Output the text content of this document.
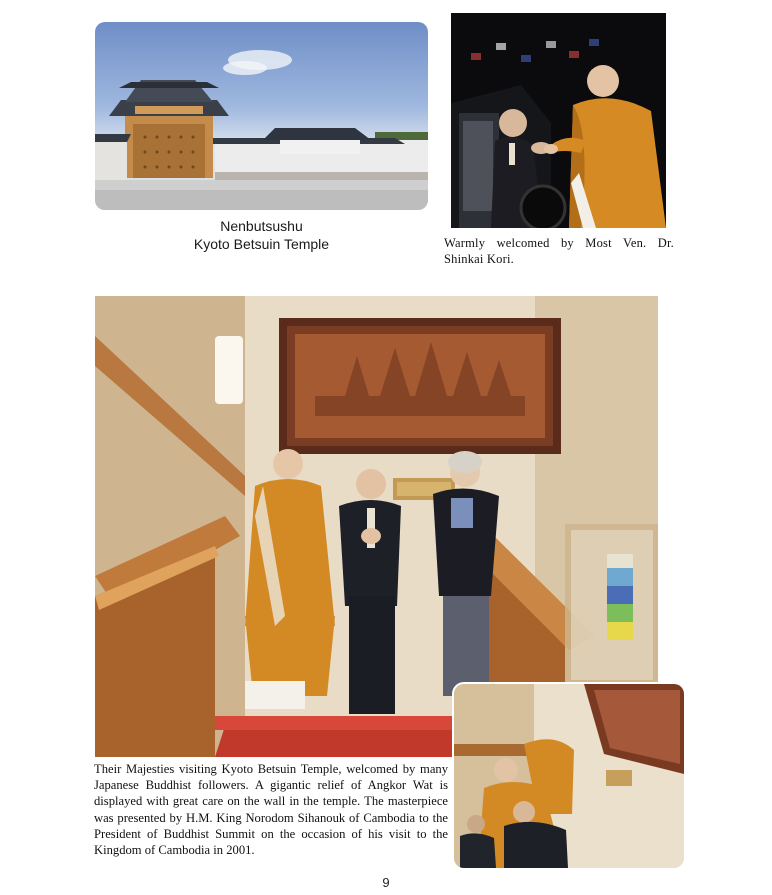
Nenbutsushu
Kyoto Betsuin Temple	Warmly welcomed by Most Ven. Dr. Shinkai Kori.
Their Majesties visiting Kyoto Betsuin Temple, welcomed by many Japanese Buddhist followers. A gigantic relief of Angkor Wat is displayed with great care on the wall in the temple. The masterpiece was presented by H.M. King Norodom Sihanouk of Cambodia to the President of Buddhist Summit on the occasion of his visit to the Kingdom of Cambodia in 2001.
9
